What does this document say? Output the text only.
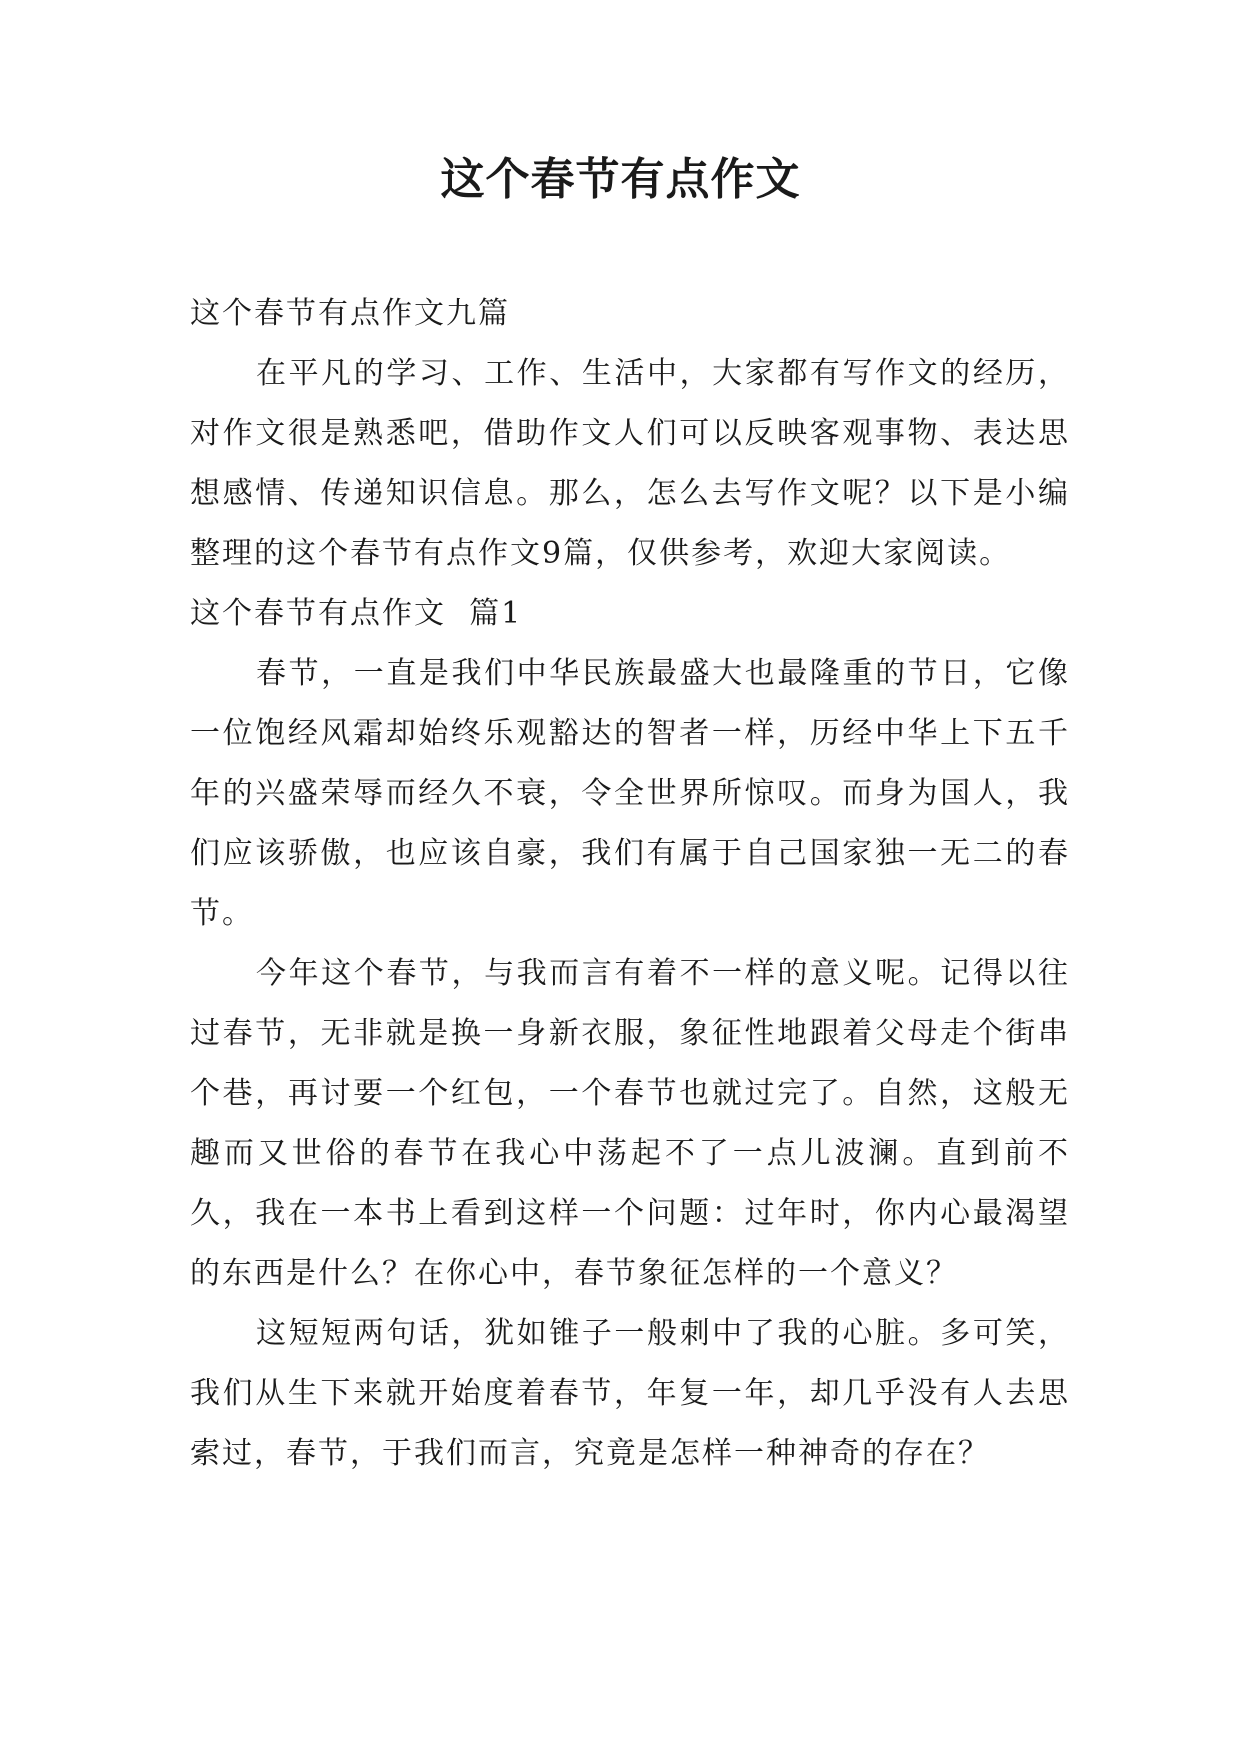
这个春节有点作文

这个春节有点作文九篇

在平凡的学习、工作、生活中，大家都有写作文的经历，对作文很是熟悉吧，借助作文人们可以反映客观事物、表达思想感情、传递知识信息。那么，怎么去写作文呢？以下是小编整理的这个春节有点作文9篇，仅供参考，欢迎大家阅读。

这个春节有点作文  篇1

春节，一直是我们中华民族最盛大也最隆重的节日，它像一位饱经风霜却始终乐观豁达的智者一样，历经中华上下五千年的兴盛荣辱而经久不衰，令全世界所惊叹。而身为国人，我们应该骄傲，也应该自豪，我们有属于自己国家独一无二的春节。

今年这个春节，与我而言有着不一样的意义呢。记得以往过春节，无非就是换一身新衣服，象征性地跟着父母走个街串个巷，再讨要一个红包，一个春节也就过完了。自然，这般无趣而又世俗的春节在我心中荡起不了一点儿波澜。直到前不久，我在一本书上看到这样一个问题：过年时，你内心最渴望的东西是什么？在你心中，春节象征怎样的一个意义？

这短短两句话，犹如锥子一般刺中了我的心脏。多可笑，我们从生下来就开始度着春节，年复一年，却几乎没有人去思索过，春节，于我们而言，究竟是怎样一种神奇的存在？
